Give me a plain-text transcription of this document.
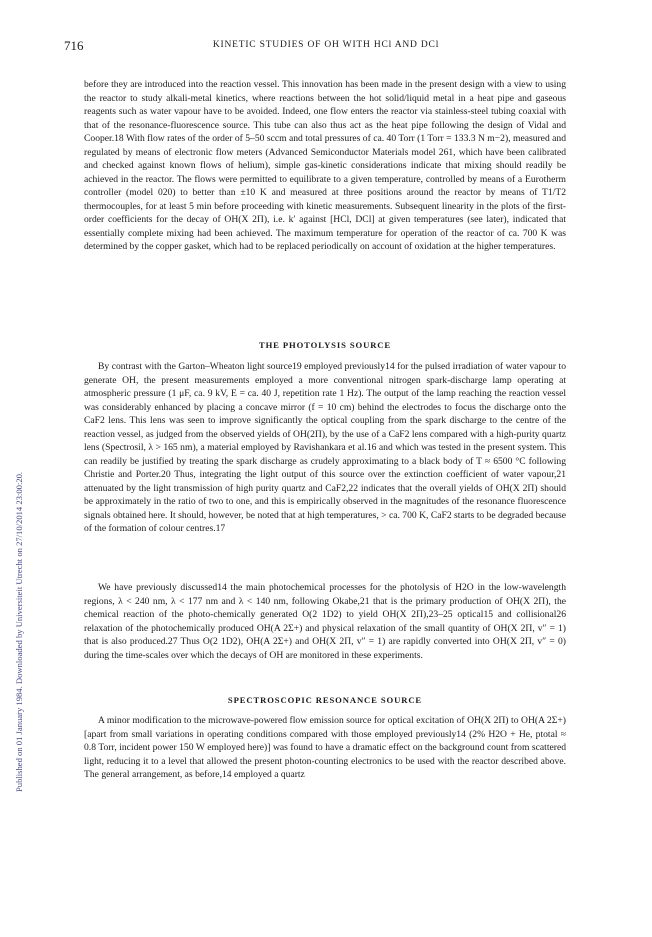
716	KINETIC STUDIES OF OH WITH HCl AND DCl
Published on 01 January 1984. Downloaded by Universiteit Utrecht on 27/10/2014 23:00:20.

before they are introduced into the reaction vessel. This innovation has been made in the present design with a view to using the reactor to study alkali-metal kinetics, where reactions between the hot solid/liquid metal in a heat pipe and gaseous reagents such as water vapour have to be avoided. Indeed, one flow enters the reactor via stainless-steel tubing coaxial with that of the resonance-fluorescence source. This tube can also thus act as the heat pipe following the design of Vidal and Cooper.18 With flow rates of the order of 5–50 sccm and total pressures of ca. 40 Torr (1 Torr = 133.3 N m−2), measured and regulated by means of electronic flow meters (Advanced Semiconductor Materials model 261, which have been calibrated and checked against known flows of helium), simple gas-kinetic considerations indicate that mixing should readily be achieved in the reactor. The flows were permitted to equilibrate to a given temperature, controlled by means of a Eurotherm controller (model 020) to better than ±10 K and measured at three positions around the reactor by means of T1/T2 thermocouples, for at least 5 min before proceeding with kinetic measurements. Subsequent linearity in the plots of the first-order coefficients for the decay of OH(X 2Π), i.e. k′ against [HCl, DCl] at given temperatures (see later), indicated that essentially complete mixing had been achieved. The maximum temperature for operation of the reactor of ca. 700 K was determined by the copper gasket, which had to be replaced periodically on account of oxidation at the higher temperatures.

THE PHOTOLYSIS SOURCE

By contrast with the Garton–Wheaton light source19 employed previously14 for the pulsed irradiation of water vapour to generate OH, the present measurements employed a more conventional nitrogen spark-discharge lamp operating at atmospheric pressure (1 μF, ca. 9 kV, E = ca. 40 J, repetition rate 1 Hz). The output of the lamp reaching the reaction vessel was considerably enhanced by placing a concave mirror (f = 10 cm) behind the electrodes to focus the discharge onto the CaF2 lens. This lens was seen to improve significantly the optical coupling from the spark discharge to the centre of the reaction vessel, as judged from the observed yields of OH(2Π), by the use of a CaF2 lens compared with a high-purity quartz lens (Spectrosil, λ > 165 nm), a material employed by Ravishankara et al.16 and which was tested in the present system. This can readily be justified by treating the spark discharge as crudely approximating to a black body of T ≈ 6500 °C following Christie and Porter.20 Thus, integrating the light output of this source over the extinction coefficient of water vapour,21 attenuated by the light transmission of high purity quartz and CaF2,22 indicates that the overall yields of OH(X 2Π) should be approximately in the ratio of two to one, and this is empirically observed in the magnitudes of the resonance fluorescence signals obtained here. It should, however, be noted that at high temperatures, > ca. 700 K, CaF2 starts to be degraded because of the formation of colour centres.17

We have previously discussed14 the main photochemical processes for the photolysis of H2O in the low-wavelength regions, λ < 240 nm, λ < 177 nm and λ < 140 nm, following Okabe,21 that is the primary production of OH(X 2Π), the chemical reaction of the photo-chemically generated O(2 1D2) to yield OH(X 2Π),23–25 optical15 and collisional26 relaxation of the photochemically produced OH(A 2Σ+) and physical relaxation of the small quantity of OH(X 2Π, v″ = 1) that is also produced.27 Thus O(2 1D2), OH(A 2Σ+) and OH(X 2Π, v″ = 1) are rapidly converted into OH(X 2Π, v″ = 0) during the time-scales over which the decays of OH are monitored in these experiments.

SPECTROSCOPIC RESONANCE SOURCE

A minor modification to the microwave-powered flow emission source for optical excitation of OH(X 2Π) to OH(A 2Σ+) [apart from small variations in operating conditions compared with those employed previously14 (2% H2O + He, ptotal ≈ 0.8 Torr, incident power 150 W employed here)] was found to have a dramatic effect on the background count from scattered light, reducing it to a level that allowed the present photon-counting electronics to be used with the reactor described above. The general arrangement, as before,14 employed a quartz
